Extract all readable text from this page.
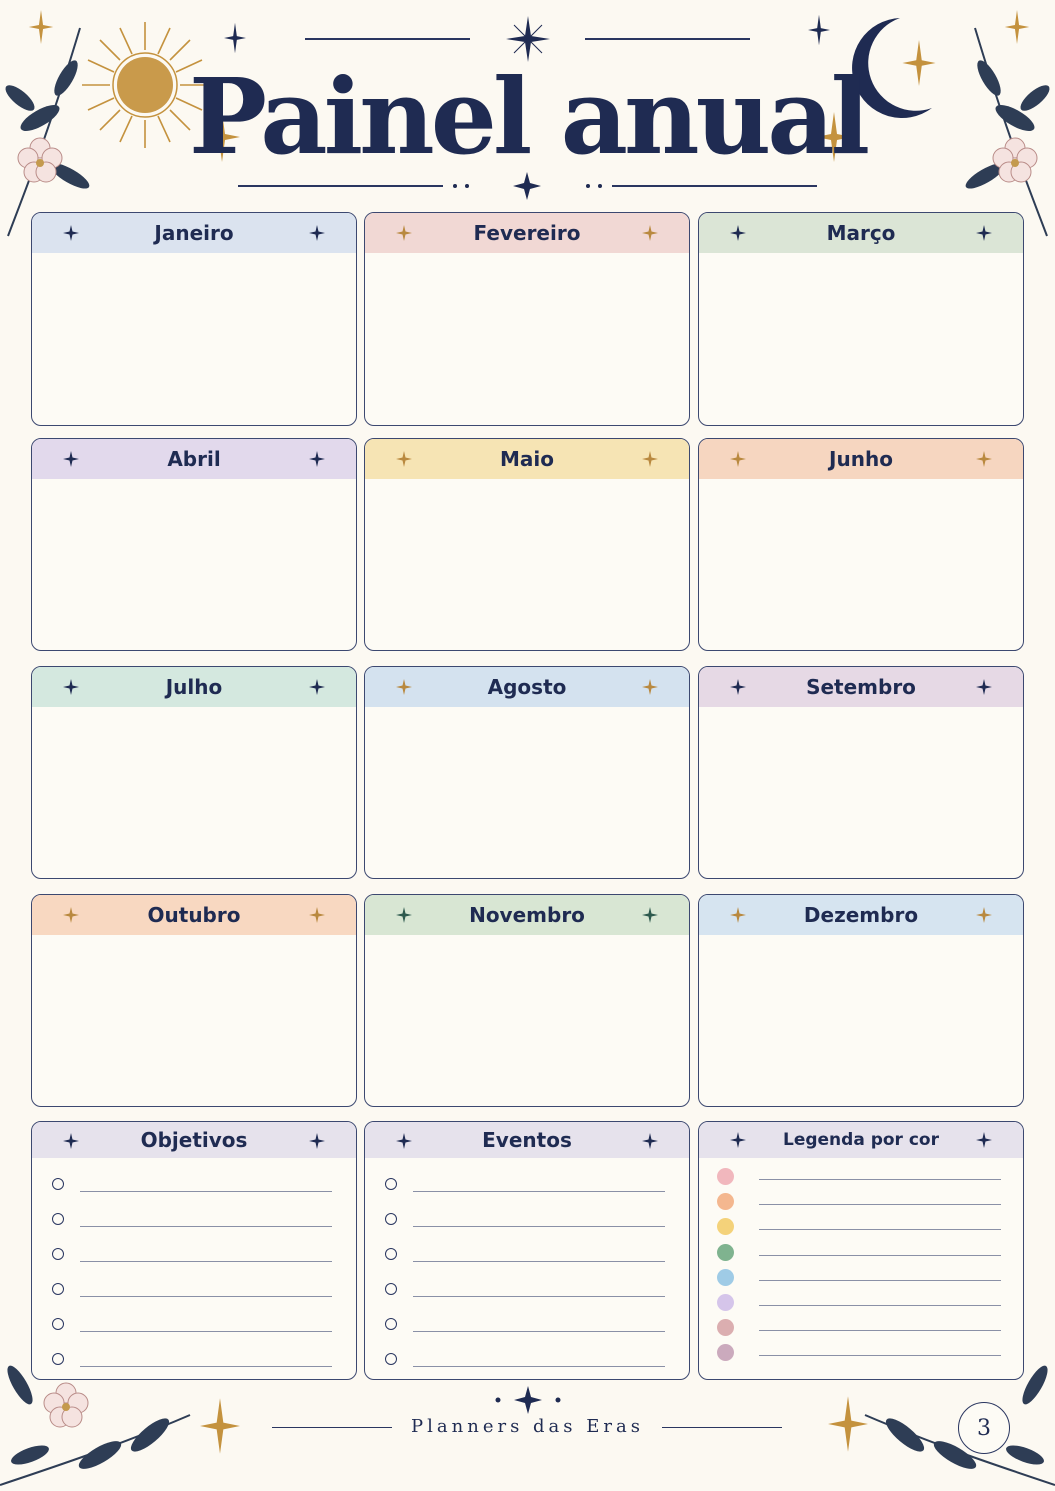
Painel anual
Janeiro	Fevereiro	Março
Abril	Maio	Junho
Julho	Agosto	Setembro
Outubro	Novembro	Dezembro
Objetivos	Eventos	Legenda por cor
Planners das Eras	3
